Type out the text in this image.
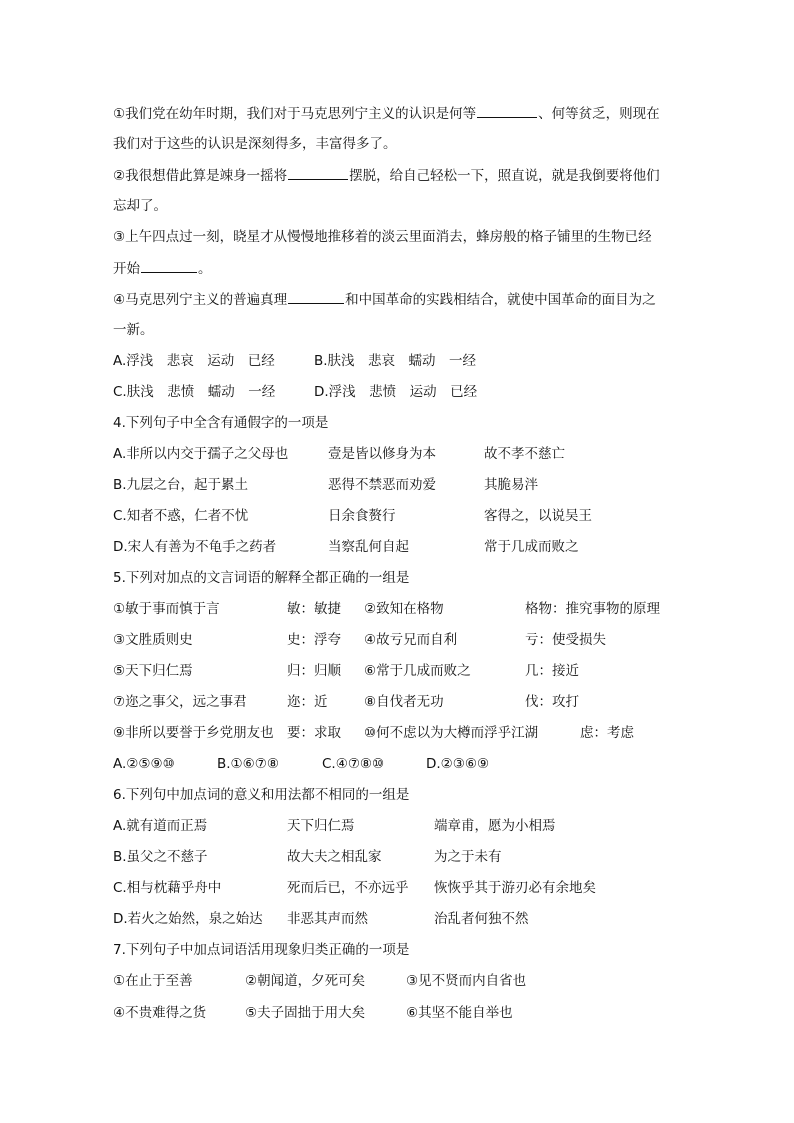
①我们党在幼年时期，我们对于马克思列宁主义的认识是何等	、何等贫乏，则现在
我们对于这些的认识是深刻得多，丰富得多了。
②我很想借此算是竦身一摇将	摆脱，给自己轻松一下，照直说，就是我倒要将他们
忘却了。
③上午四点过一刻，晓星才从慢慢地推移着的淡云里面消去，蜂房般的格子铺里的生物已经
开始	。
④马克思列宁主义的普遍真理	和中国革命的实践相结合，就使中国革命的面目为之
一新。
A.浮浅　悲哀　运动　已经	B.肤浅　悲哀　蠕动　一经
C.肤浅　悲愤　蠕动　一经	D.浮浅　悲愤　运动　已经
4.下列句子中全含有通假字的一项是
A.非所以内交于孺子之父母也	壹是皆以修身为本	故不孝不慈亡
B.九层之台，起于累土	恶得不禁恶而劝爱	其脆易泮
C.知者不惑，仁者不忧	日余食赘行	客得之，以说吴王
D.宋人有善为不龟手之药者	当察乱何自起	常于几成而败之
5.下列对加点的文言词语的解释全都正确的一组是
①敏于事而慎于言	敏：敏捷 ②致知在格物	格物：推究事物的原理
③文胜质则史	史：浮夸 ④故亏兄而自利	亏：使受损失
⑤天下归仁焉	归：归顺 ⑥常于几成而败之	几：接近
⑦迩之事父，远之事君	迩：近	⑧自伐者无功	伐：攻打
⑨非所以要誉于乡党朋友也 要：求取 ⑩何不虑以为大樽而浮乎江湖	虑：考虑
A.②⑤⑨⑩	B.①⑥⑦⑧	C.④⑦⑧⑩	D.②③⑥⑨
6.下列句中加点词的意义和用法都不相同的一组是
A.就有道而正焉	天下归仁焉	端章甫，愿为小相焉
B.虽父之不慈子	故大夫之相乱家	为之于未有
C.相与枕藉乎舟中	死而后已，不亦远乎 恢恢乎其于游刃必有余地矣
D.若火之始然，泉之始达 非恶其声而然	治乱者何独不然
7.下列句子中加点词语活用现象归类正确的一项是
①在止于至善	②朝闻道，夕死可矣	③见不贤而内自省也
④不贵难得之货	⑤夫子固拙于用大矣	⑥其坚不能自举也
